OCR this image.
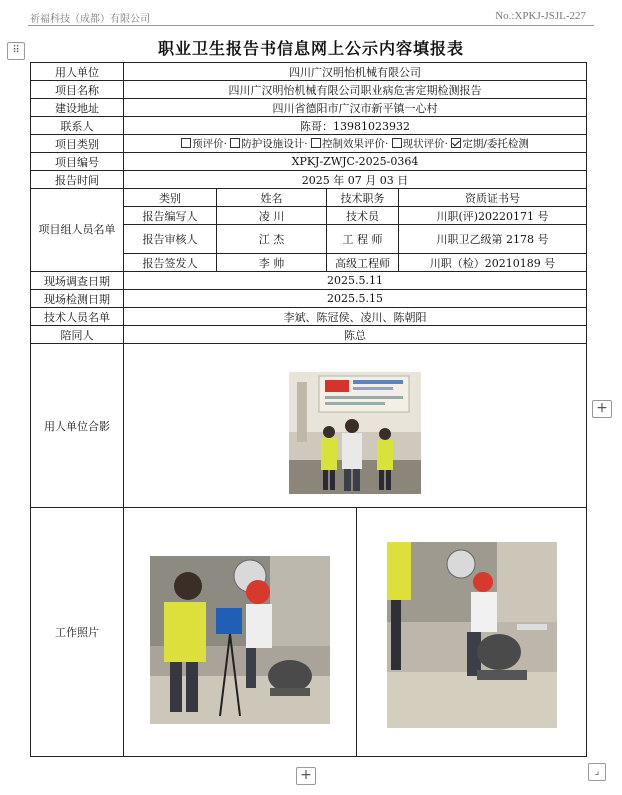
祈福科技（成都）有限公司	No.:XPKJ-JSJL-227
⠿	职业卫生报告书信息网上公示内容填报表
用人单位	四川广汉明怡机械有限公司
项目名称	四川广汉明怡机械有限公司职业病危害定期检测报告
建设地址	四川省德阳市广汉市新平镇一心村
联系人	陈哥：13981023932
项目类别	预评价· 防护设施设计· 控制效果评价· 现状评价· 定期/委托检测
项目编号	XPKJ-ZWJC-2025-0364
报告时间	2025 年 07 月 03 日
项目组人员名单	
类别	姓名	技术职务	资质证书号
报告编写人	凌 川	技术员	川职(评)20220171 号
报告审核人	江 杰	工 程 师	川职卫乙级第 2178 号
报告签发人	李 帅	高级工程师	川职（检）20210189 号

现场调查日期	2025.5.11
现场检测日期	2025.5.15
技术人员名单	李斌、陈冠侯、凌川、陈朝阳
陪同人	陈总
用人单位合影	

工作照片	

+
+	⌟
